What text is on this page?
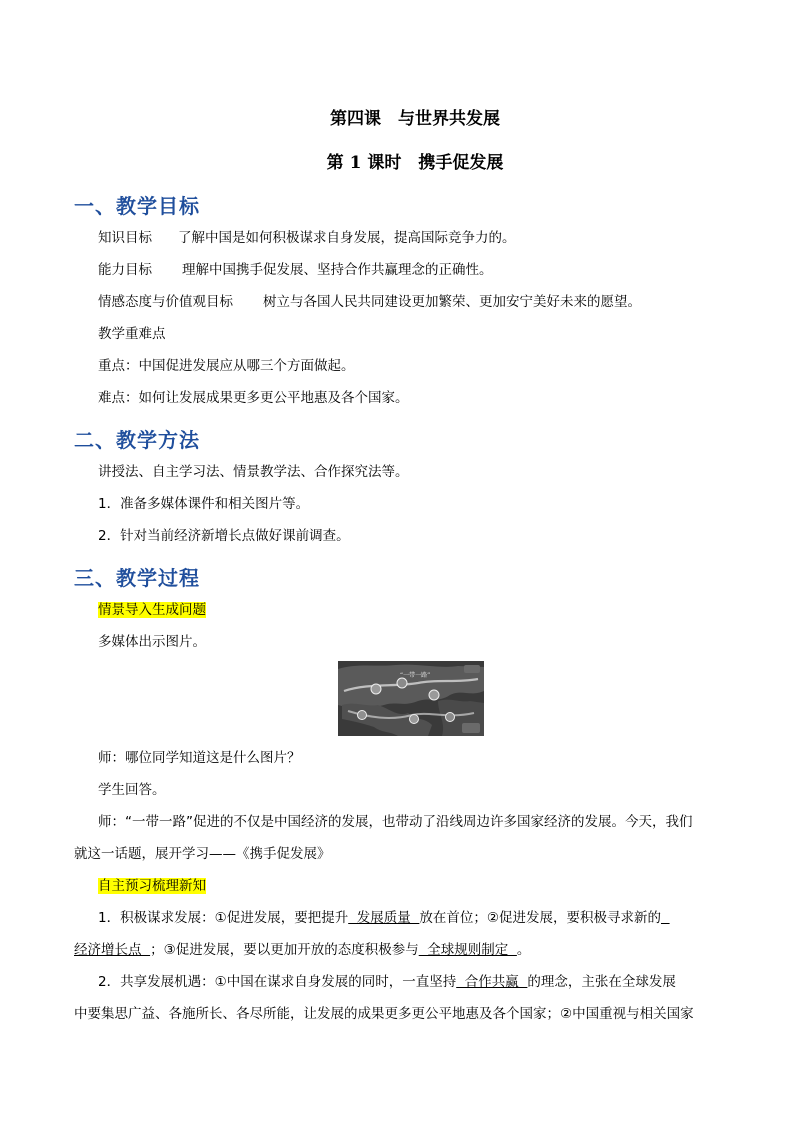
第四课　与世界共发展
第 1 课时　携手促发展
一、教学目标
知识目标 了解中国是如何积极谋求自身发展，提高国际竞争力的。
能力目标 理解中国携手促发展、坚持合作共赢理念的正确性。
情感态度与价值观目标 树立与各国人民共同建设更加繁荣、更加安宁美好未来的愿望。
教学重难点
重点：中国促进发展应从哪三个方面做起。
难点：如何让发展成果更多更公平地惠及各个国家。
二、教学方法
讲授法、自主学习法、情景教学法、合作探究法等。
1．准备多媒体课件和相关图片等。
2．针对当前经济新增长点做好课前调查。
三、教学过程
情景导入生成问题
多媒体出示图片。
“一带一路”
师：哪位同学知道这是什么图片？
学生回答。
师：“一带一路”促进的不仅是中国经济的发展，也带动了沿线周边许多国家经济的发展。今天，我们
就这一话题，展开学习——《携手促发展》
自主预习梳理新知
1．积极谋求发展：①促进发展，要把提升  发展质量  放在首位；②促进发展，要积极寻求新的
经济增长点  ；③促进发展，要以更加开放的态度积极参与  全球规则制定  。
2．共享发展机遇：①中国在谋求自身发展的同时，一直坚持  合作共赢  的理念，主张在全球发展
中要集思广益、各施所长、各尽所能，让发展的成果更多更公平地惠及各个国家；②中国重视与相关国家
